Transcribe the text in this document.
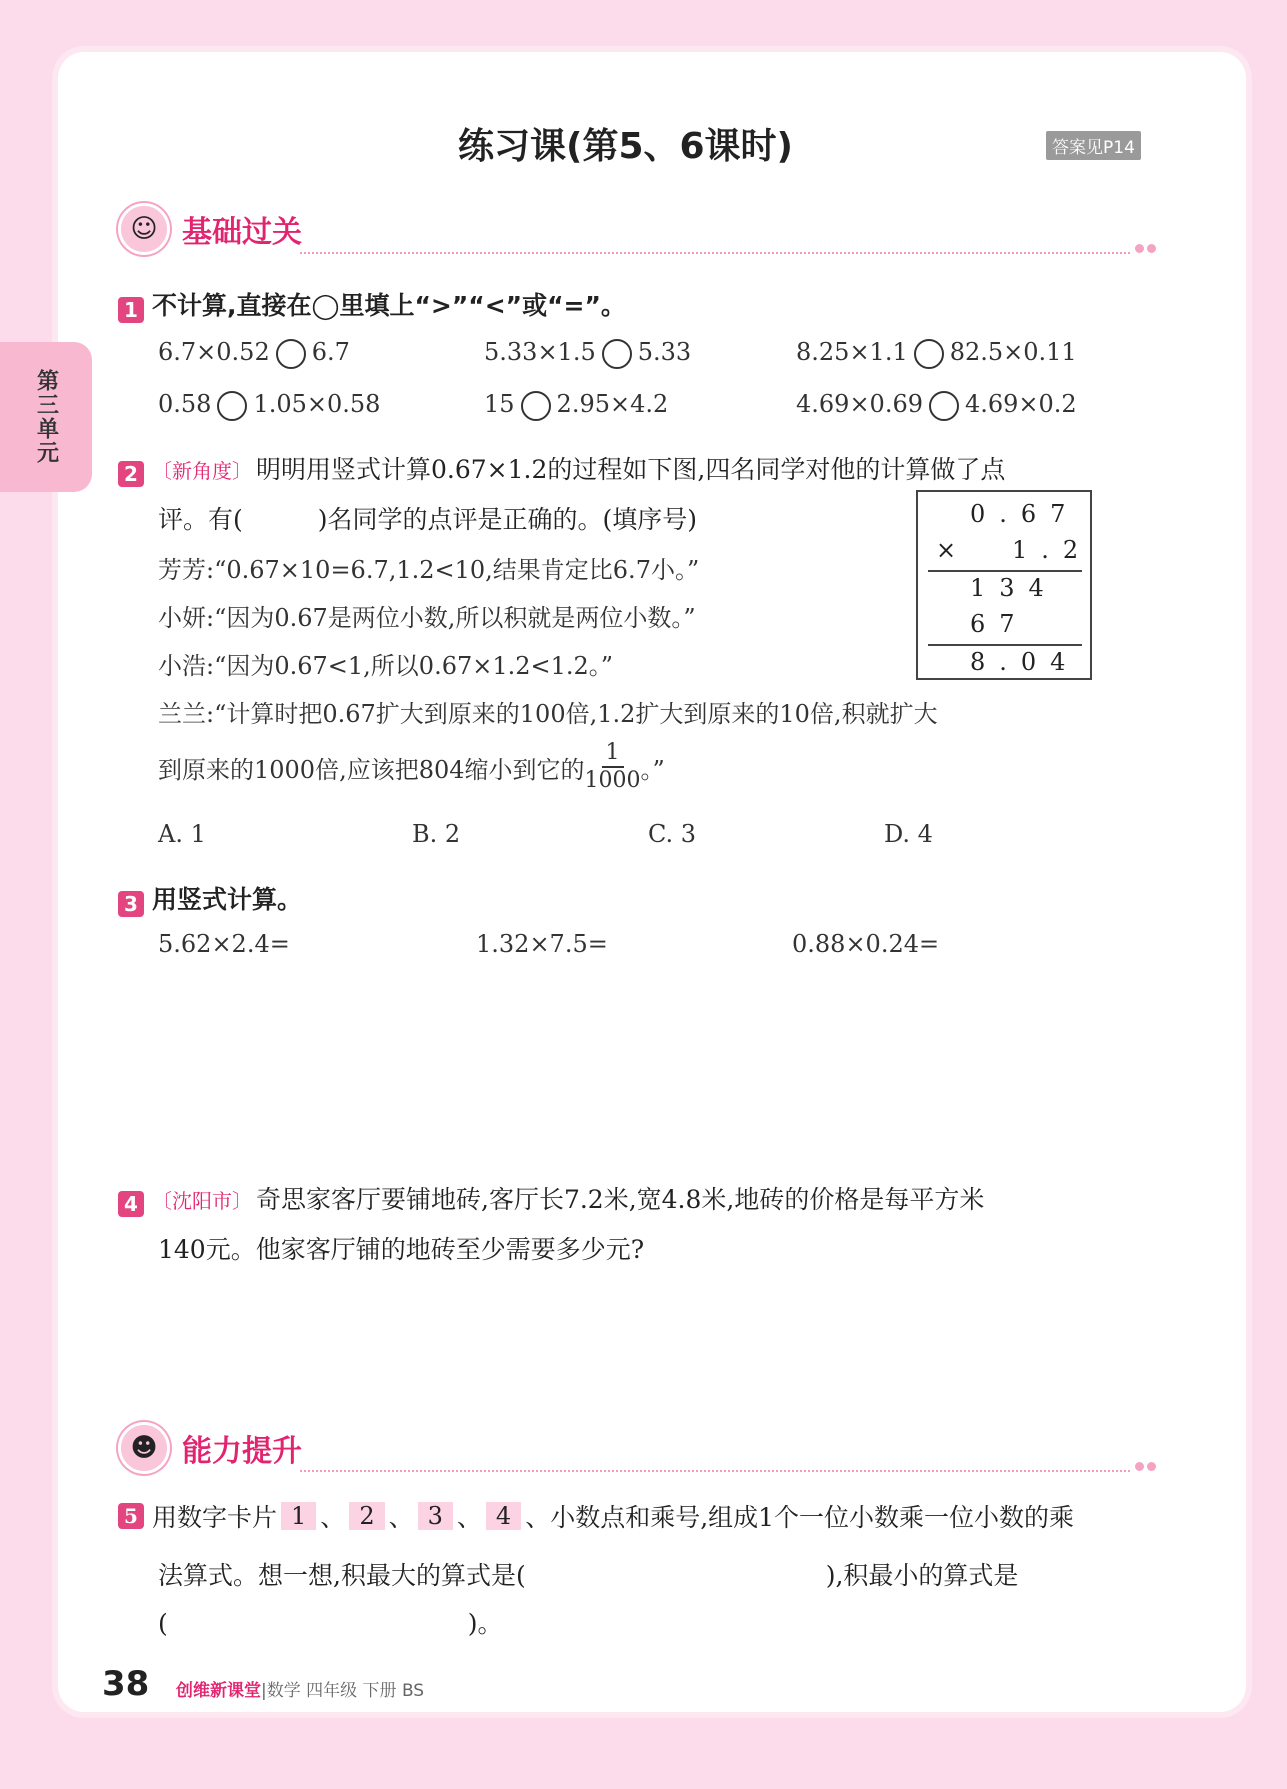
第三单元
练习课(第5、6课时)	答案见P14
☺ 基础过关
1 不计算,直接在◯里填上“>”“<”或“=”。
6.7×0.52 6.7	5.33×1.5 5.33	8.25×1.1 82.5×0.11
0.58 1.05×0.58	15 2.95×4.2	4.69×0.69 4.69×0.2
2 〔新角度〕 明明用竖式计算0.67×1.2的过程如下图,四名同学对他的计算做了点
评。有(　　　)名同学的点评是正确的。(填序号)
芳芳:“0.67×10=6.7,1.2<10,结果肯定比6.7小。”
小妍:“因为0.67是两位小数,所以积就是两位小数。”
小浩:“因为0.67<1,所以0.67×1.2<1.2。”
兰兰:“计算时把0.67扩大到原来的100倍,1.2扩大到原来的10倍,积就扩大
到原来的1000倍,应该把804缩小到它的 $\frac{1}{1000}$ 。”
A. 1	B. 2	C. 3	D. 4
0.67
× 1.2
134
67
8.04
3 用竖式计算。
5.62×2.4=	1.32×7.5=	0.88×0.24=
4 〔沈阳市〕 奇思家客厅要铺地砖,客厅长7.2米,宽4.8米,地砖的价格是每平方米
140元。他家客厅铺的地砖至少需要多少元?
☻ 能力提升
5 用数字卡片 1 、 2 、 3 、 4 、小数点和乘号,组成1个一位小数乘一位小数的乘
法算式。想一想,积最大的算式是(	),积最小的算式是
(	)。
38 创维新课堂|数学 四年级 下册 BS
